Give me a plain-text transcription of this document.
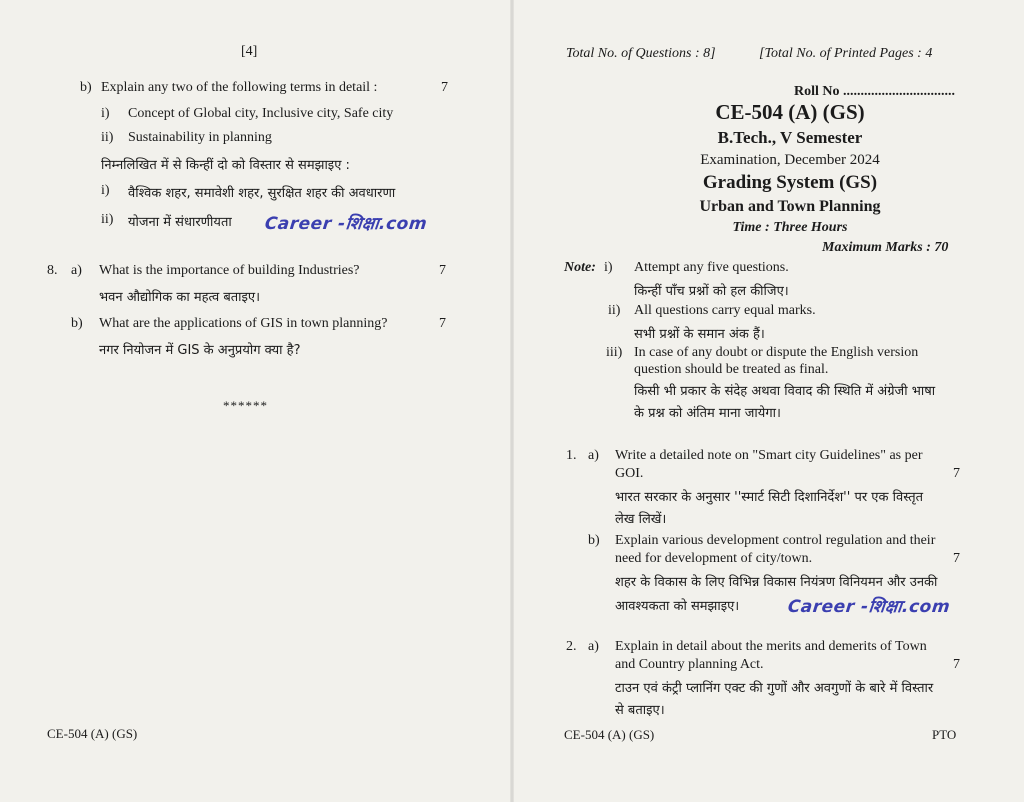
[4]
b) Explain any two of the following terms in detail :	7
i) Concept of Global city, Inclusive city, Safe city
ii) Sustainability in planning
निम्नलिखित में से किन्हीं दो को विस्तार से समझाइए :
i) वैश्विक शहर, समावेशी शहर, सुरक्षित शहर की अवधारणा
ii) योजना में संधारणीयता Career -शिक्षा.com
8. a) What is the importance of building Industries?	7
भवन औद्योगिक का महत्व बताइए।
b) What are the applications of GIS in town planning?	7
नगर नियोजन में GIS के अनुप्रयोग क्या है?
******
CE-504 (A) (GS)
Total No. of Questions : 8]	[Total No. of Printed Pages : 4
Roll No ................................
CE-504 (A) (GS)
B.Tech., V Semester
Examination, December 2024
Grading System (GS)
Urban and Town Planning
Time : Three Hours
Maximum Marks : 70
Note: i) Attempt any five questions.
किन्हीं पाँच प्रश्नों को हल कीजिए।
ii) All questions carry equal marks.
सभी प्रश्नों के समान अंक हैं।
iii) In case of any doubt or dispute the English version
question should be treated as final.
किसी भी प्रकार के संदेह अथवा विवाद की स्थिति में अंग्रेजी भाषा
के प्रश्न को अंतिम माना जायेगा।
1. a) Write a detailed note on "Smart city Guidelines" as per
GOI.	7
भारत सरकार के अनुसार ''स्मार्ट सिटी दिशानिर्देश'' पर एक विस्तृत
लेख लिखें।
b) Explain various development control regulation and their
need for development of city/town.	7
शहर के विकास के लिए विभिन्न विकास नियंत्रण विनियमन और उनकी
आवश्यकता को समझाइए।	Career -शिक्षा.com
2. a) Explain in detail about the merits and demerits of Town
and Country planning Act.	7
टाउन एवं कंट्री प्लानिंग एक्ट की गुणों और अवगुणों के बारे में विस्तार
से बताइए।
CE-504 (A) (GS)	PTO
